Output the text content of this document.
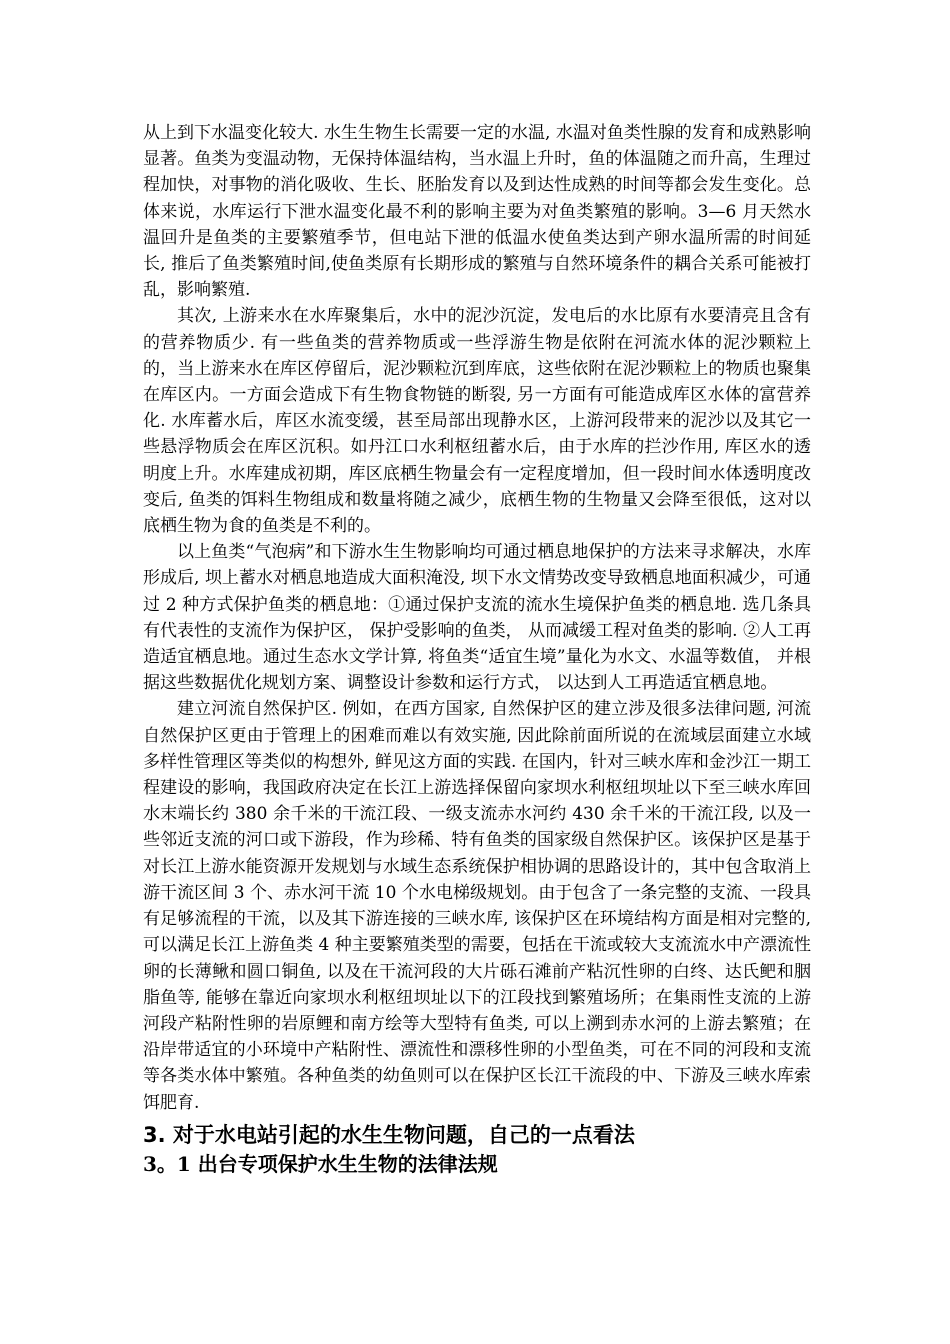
从上到下水温变化较大. 水生生物生长需要一定的水温, 水温对鱼类性腺的发育和成熟影响显著。鱼类为变温动物，无保持体温结构，当水温上升时，鱼的体温随之而升高，生理过程加快，对事物的消化吸收、生长、胚胎发育以及到达性成熟的时间等都会发生变化。总体来说，水库运行下泄水温变化最不利的影响主要为对鱼类繁殖的影响。3—6 月天然水温回升是鱼类的主要繁殖季节，但电站下泄的低温水使鱼类达到产卵水温所需的时间延长, 推后了鱼类繁殖时间,使鱼类原有长期形成的繁殖与自然环境条件的耦合关系可能被打乱，影响繁殖.

其次, 上游来水在水库聚集后，水中的泥沙沉淀，发电后的水比原有水要清亮且含有的营养物质少. 有一些鱼类的营养物质或一些浮游生物是依附在河流水体的泥沙颗粒上的，当上游来水在库区停留后，泥沙颗粒沉到库底，这些依附在泥沙颗粒上的物质也聚集在库区内。一方面会造成下有生物食物链的断裂, 另一方面有可能造成库区水体的富营养化. 水库蓄水后，库区水流变缓，甚至局部出现静水区，上游河段带来的泥沙以及其它一些悬浮物质会在库区沉积。如丹江口水利枢纽蓄水后，由于水库的拦沙作用, 库区水的透明度上升。水库建成初期，库区底栖生物量会有一定程度增加，但一段时间水体透明度改变后, 鱼类的饵料生物组成和数量将随之减少，底栖生物的生物量又会降至很低，这对以底栖生物为食的鱼类是不利的。

以上鱼类“气泡病”和下游水生生物影响均可通过栖息地保护的方法来寻求解决，水库形成后, 坝上蓄水对栖息地造成大面积淹没, 坝下水文情势改变导致栖息地面积减少，可通过 2 种方式保护鱼类的栖息地：①通过保护支流的流水生境保护鱼类的栖息地. 选几条具有代表性的支流作为保护区， 保护受影响的鱼类， 从而减缓工程对鱼类的影响. ②人工再造适宜栖息地。通过生态水文学计算, 将鱼类“适宜生境”量化为水文、水温等数值， 并根据这些数据优化规划方案、调整设计参数和运行方式， 以达到人工再造适宜栖息地。

建立河流自然保护区. 例如，在西方国家, 自然保护区的建立涉及很多法律问题, 河流自然保护区更由于管理上的困难而难以有效实施, 因此除前面所说的在流域层面建立水域多样性管理区等类似的构想外, 鲜见这方面的实践. 在国内，针对三峡水库和金沙江一期工程建设的影响，我国政府决定在长江上游选择保留向家坝水利枢纽坝址以下至三峡水库回水末端长约 380 余千米的干流江段、一级支流赤水河约 430 余千米的干流江段, 以及一些邻近支流的河口或下游段，作为珍稀、特有鱼类的国家级自然保护区。该保护区是基于对长江上游水能资源开发规划与水域生态系统保护相协调的思路设计的，其中包含取消上游干流区间 3 个、赤水河干流 10 个水电梯级规划。由于包含了一条完整的支流、一段具有足够流程的干流，以及其下游连接的三峡水库, 该保护区在环境结构方面是相对完整的, 可以满足长江上游鱼类 4 种主要繁殖类型的需要，包括在干流或较大支流流水中产漂流性卵的长薄鳅和圆口铜鱼, 以及在干流河段的大片砾石滩前产粘沉性卵的白终、达氏鲃和胭脂鱼等, 能够在靠近向家坝水利枢纽坝址以下的江段找到繁殖场所；在集雨性支流的上游河段产粘附性卵的岩原鲤和南方绘等大型特有鱼类, 可以上溯到赤水河的上游去繁殖；在沿岸带适宜的小环境中产粘附性、漂流性和漂移性卵的小型鱼类，可在不同的河段和支流等各类水体中繁殖。各种鱼类的幼鱼则可以在保护区长江干流段的中、下游及三峡水库索饵肥育.

3. 对于水电站引起的水生生物问题，自己的一点看法
3。1 出台专项保护水生生物的法律法规
